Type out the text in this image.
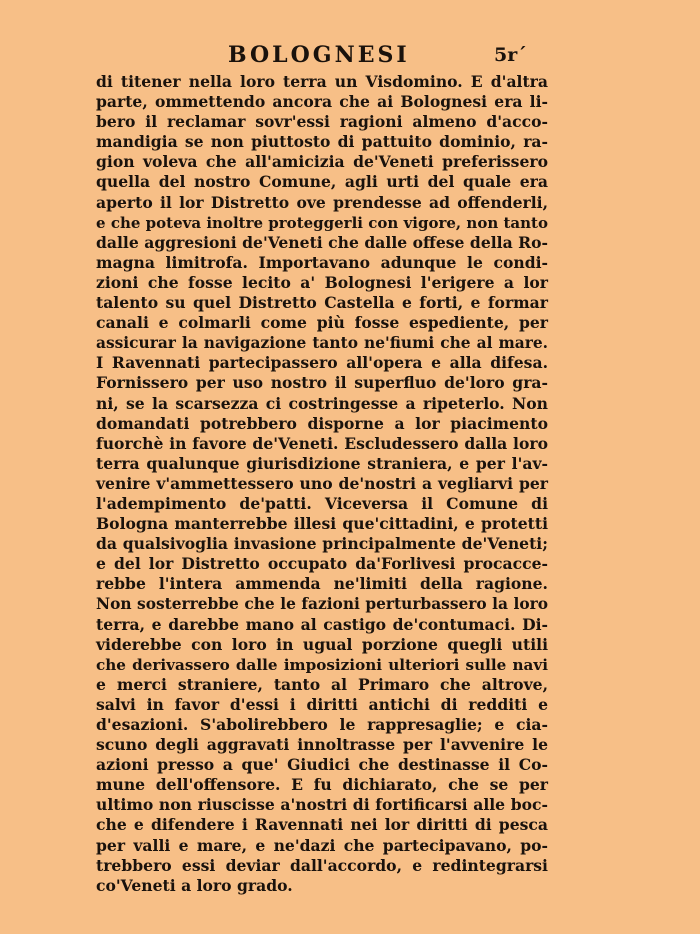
BOLOGNESI	5r´
di titener nella loro terra un Visdomino. E d'altra
parte, ommettendo ancora che ai Bolognesi era li-
bero il reclamar sovr'essi ragioni almeno d'acco-
mandigia se non piuttosto di pattuito dominio, ra-
gion voleva che all'amicizia de'Veneti preferissero
quella del nostro Comune, agli urti del quale era
aperto il lor Distretto ove prendesse ad offenderli,
e che poteva inoltre proteggerli con vigore, non tanto
dalle aggresioni de'Veneti che dalle offese della Ro-
magna limitrofa. Importavano adunque le condi-
zioni che fosse lecito a' Bolognesi l'erigere a lor
talento su quel Distretto Castella e forti, e formar
canali e colmarli come più fosse espediente, per
assicurar la navigazione tanto ne'fiumi che al mare.
I Ravennati partecipassero all'opera e alla difesa.
Fornissero per uso nostro il superfluo de'loro gra-
ni, se la scarsezza ci costringesse a ripeterlo. Non
domandati potrebbero disporne a lor piacimento
fuorchè in favore de'Veneti. Escludessero dalla loro
terra qualunque giurisdizione straniera, e per l'av-
venire v'ammettessero uno de'nostri a vegliarvi per
l'adempimento de'patti. Viceversa il Comune di
Bologna manterrebbe illesi que'cittadini, e protetti
da qualsivoglia invasione principalmente de'Veneti;
e del lor Distretto occupato da'Forlivesi procacce-
rebbe l'intera ammenda ne'limiti della ragione.
Non sosterrebbe che le fazioni perturbassero la loro
terra, e darebbe mano al castigo de'contumaci. Di-
viderebbe con loro in ugual porzione quegli utili
che derivassero dalle imposizioni ulteriori sulle navi
e merci straniere, tanto al Primaro che altrove,
salvi in favor d'essi i diritti antichi di redditi e
d'esazioni. S'abolirebbero le rappresaglie; e cia-
scuno degli aggravati innoltrasse per l'avvenire le
azioni presso a que' Giudici che destinasse il Co-
mune dell'offensore. E fu dichiarato, che se per
ultimo non riuscisse a'nostri di fortificarsi alle boc-
che e difendere i Ravennati nei lor diritti di pesca
per valli e mare, e ne'dazi che partecipavano, po-
trebbero essi deviar dall'accordo, e redintegrarsi
co'Veneti a loro grado.
